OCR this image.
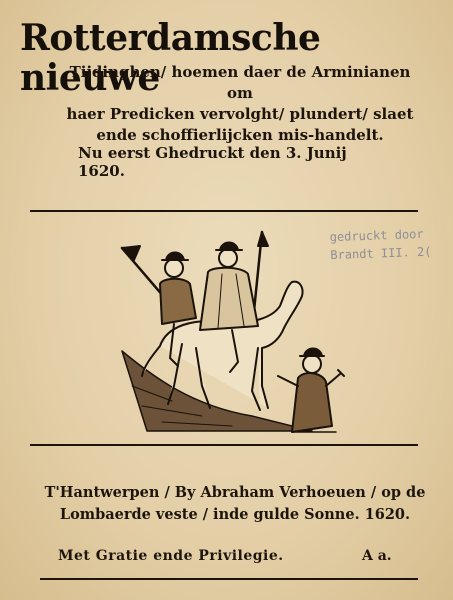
Rotterdamsche nieuwe
Tijdinghen/ hoemen daer de Arminianen om
haer Predicken vervolght/ plundert/ slaet
ende schoffierlijcken mis-handelt.
Nu eerst Ghedruckt den 3. Junij 1620.
gedruckt door
Brandt III. 2(
T'Hantwerpen / By Abraham Verhoeuen / op de
Lombaerde veste / inde gulde Sonne. 1620.
Met Gratie ende Privilegie.	A a.
